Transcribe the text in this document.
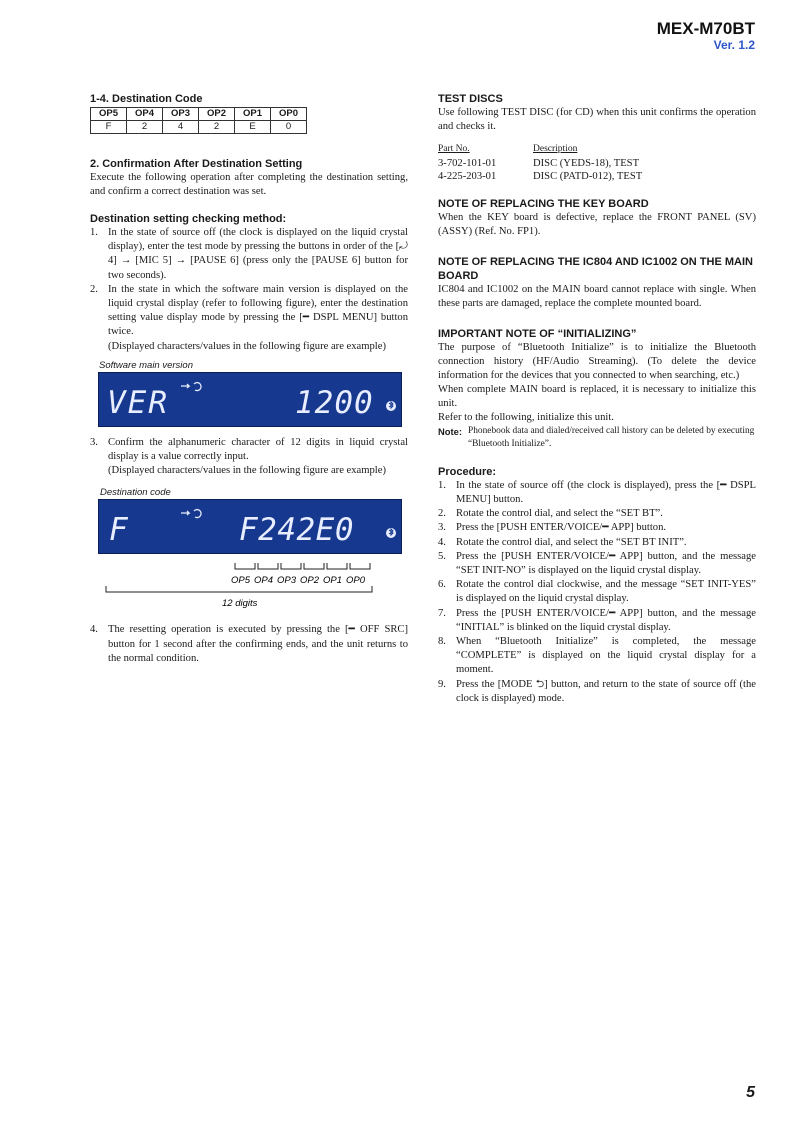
MEX-M70BT
Ver. 1.2
1-4. Destination Code
OP5	OP4	OP3	OP2	OP1	OP0
F	2	4	2	E	0
2. Confirmation After Destination Setting

Execute the following operation after completing the destination setting, and confirm a correct destination was set.

Destination setting checking method:
1. In the state of source off (the clock is displayed on the liquid crystal display), enter the test mode by pressing the buttons in order of the [⤾ 4] → [MIC 5] → [PAUSE 6] (press only the [PAUSE 6] button for two seconds).
2. In the state in which the software main version is displayed on the liquid crystal display (refer to following figure), enter the destination setting value display mode by pressing the [━ DSPL MENU] button twice.
(Displayed characters/values in the following figure are example)
Software main version
VER	1200
3. Confirm the alphanumeric character of 12 digits in liquid crystal display is a value correctly input.
(Displayed characters/values in the following figure are example)
Destination code
F	F242E0
OP5 OP4 OP3 OP2 OP1 OP0
12 digits
4. The resetting operation is executed by pressing the [━ OFF SRC] button for 1 second after the confirming ends, and the unit returns to the normal condition.
TEST DISCS

Use following TEST DISC (for CD) when this unit confirms the operation and checks it.

Part No.	Description
3-702-101-01	DISC (YEDS-18), TEST
4-225-203-01	DISC (PATD-012), TEST
NOTE OF REPLACING THE KEY BOARD

When the KEY board is defective, replace the FRONT PANEL (SV) (ASSY) (Ref. No. FP1).

NOTE OF REPLACING THE IC804 AND IC1002 ON THE MAIN BOARD

IC804 and IC1002 on the MAIN board cannot replace with single. When these parts are damaged, replace the complete mounted board.

IMPORTANT NOTE OF “INITIALIZING”

The purpose of “Bluetooth Initialize” is to initialize the Bluetooth connection history (HF/Audio Streaming). (To delete the device information for the devices that you connected to when searching, etc.)

When complete MAIN board is replaced, it is necessary to initialize this unit.

Refer to the following, initialize this unit.

Note: Phonebook data and dialed/received call history can be deleted by executing “Bluetooth Initialize”.
Procedure:
1. In the state of source off (the clock is displayed), press the [━ DSPL MENU] button.
2. Rotate the control dial, and select the “SET BT”.
3. Press the [PUSH ENTER/VOICE/━ APP] button.
4. Rotate the control dial, and select the “SET BT INIT”.
5. Press the [PUSH ENTER/VOICE/━ APP] button, and the message “SET INIT-NO” is displayed on the liquid crystal display.
6. Rotate the control dial clockwise, and the message “SET INIT-YES” is displayed on the liquid crystal display.
7. Press the [PUSH ENTER/VOICE/━ APP] button, and the message “INITIAL” is blinked on the liquid crystal display.
8. When “Bluetooth Initialize” is completed, the message “COMPLETE” is displayed on the liquid crystal display for a moment.
9. Press the [MODE ⮌] button, and return to the state of source off (the clock is displayed) mode.
5
